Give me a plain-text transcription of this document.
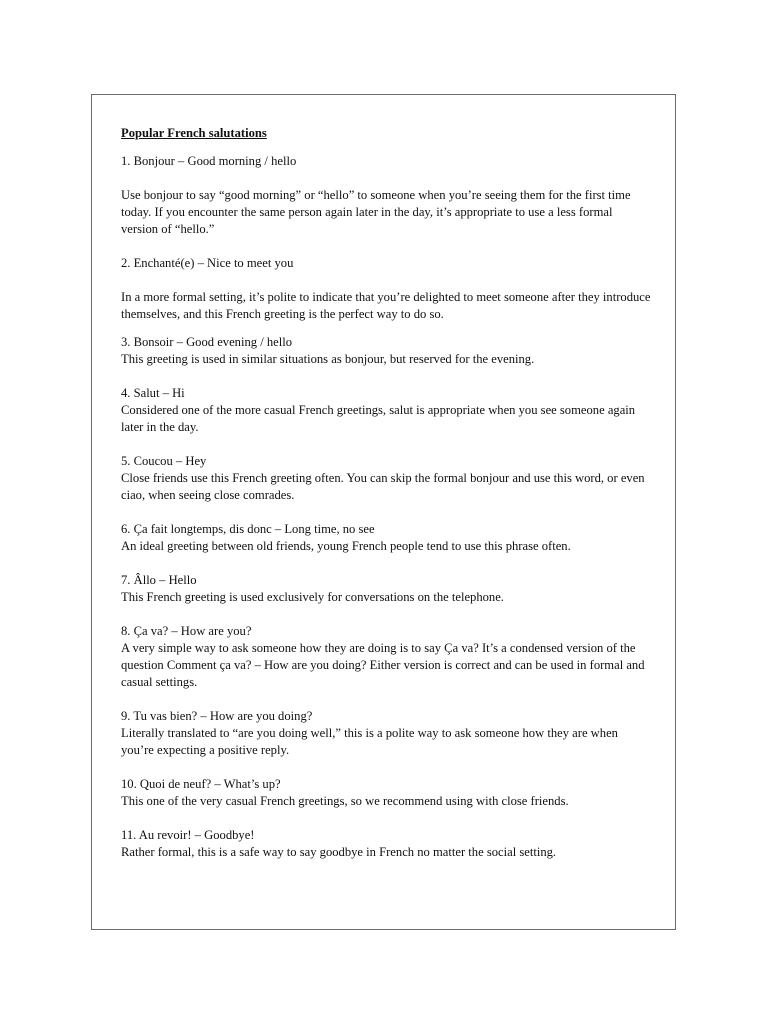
Popular French salutations

1. Bonjour – Good morning / hello

Use bonjour to say “good morning” or “hello” to someone when you’re seeing them for the first time today. If you encounter the same person again later in the day, it’s appropriate to use a less formal version of “hello.”

2. Enchanté(e) – Nice to meet you

In a more formal setting, it’s polite to indicate that you’re delighted to meet someone after they introduce themselves, and this French greeting is the perfect way to do so.

3. Bonsoir – Good evening / hello

This greeting is used in similar situations as bonjour, but reserved for the evening.

4. Salut – Hi

Considered one of the more casual French greetings, salut is appropriate when you see someone again later in the day.

5. Coucou – Hey

Close friends use this French greeting often. You can skip the formal bonjour and use this word, or even ciao, when seeing close comrades.

6. Ça fait longtemps, dis donc – Long time, no see

An ideal greeting between old friends, young French people tend to use this phrase often.

7. Âllo – Hello

This French greeting is used exclusively for conversations on the telephone.

8. Ça va? – How are you?

A very simple way to ask someone how they are doing is to say Ça va? It’s a condensed version of the question Comment ça va? – How are you doing? Either version is correct and can be used in formal and casual settings.

9. Tu vas bien? – How are you doing?

Literally translated to “are you doing well,” this is a polite way to ask someone how they are when you’re expecting a positive reply.

10. Quoi de neuf? – What’s up?

This one of the very casual French greetings, so we recommend using with close friends.

11. Au revoir! – Goodbye!

Rather formal, this is a safe way to say goodbye in French no matter the social setting.
